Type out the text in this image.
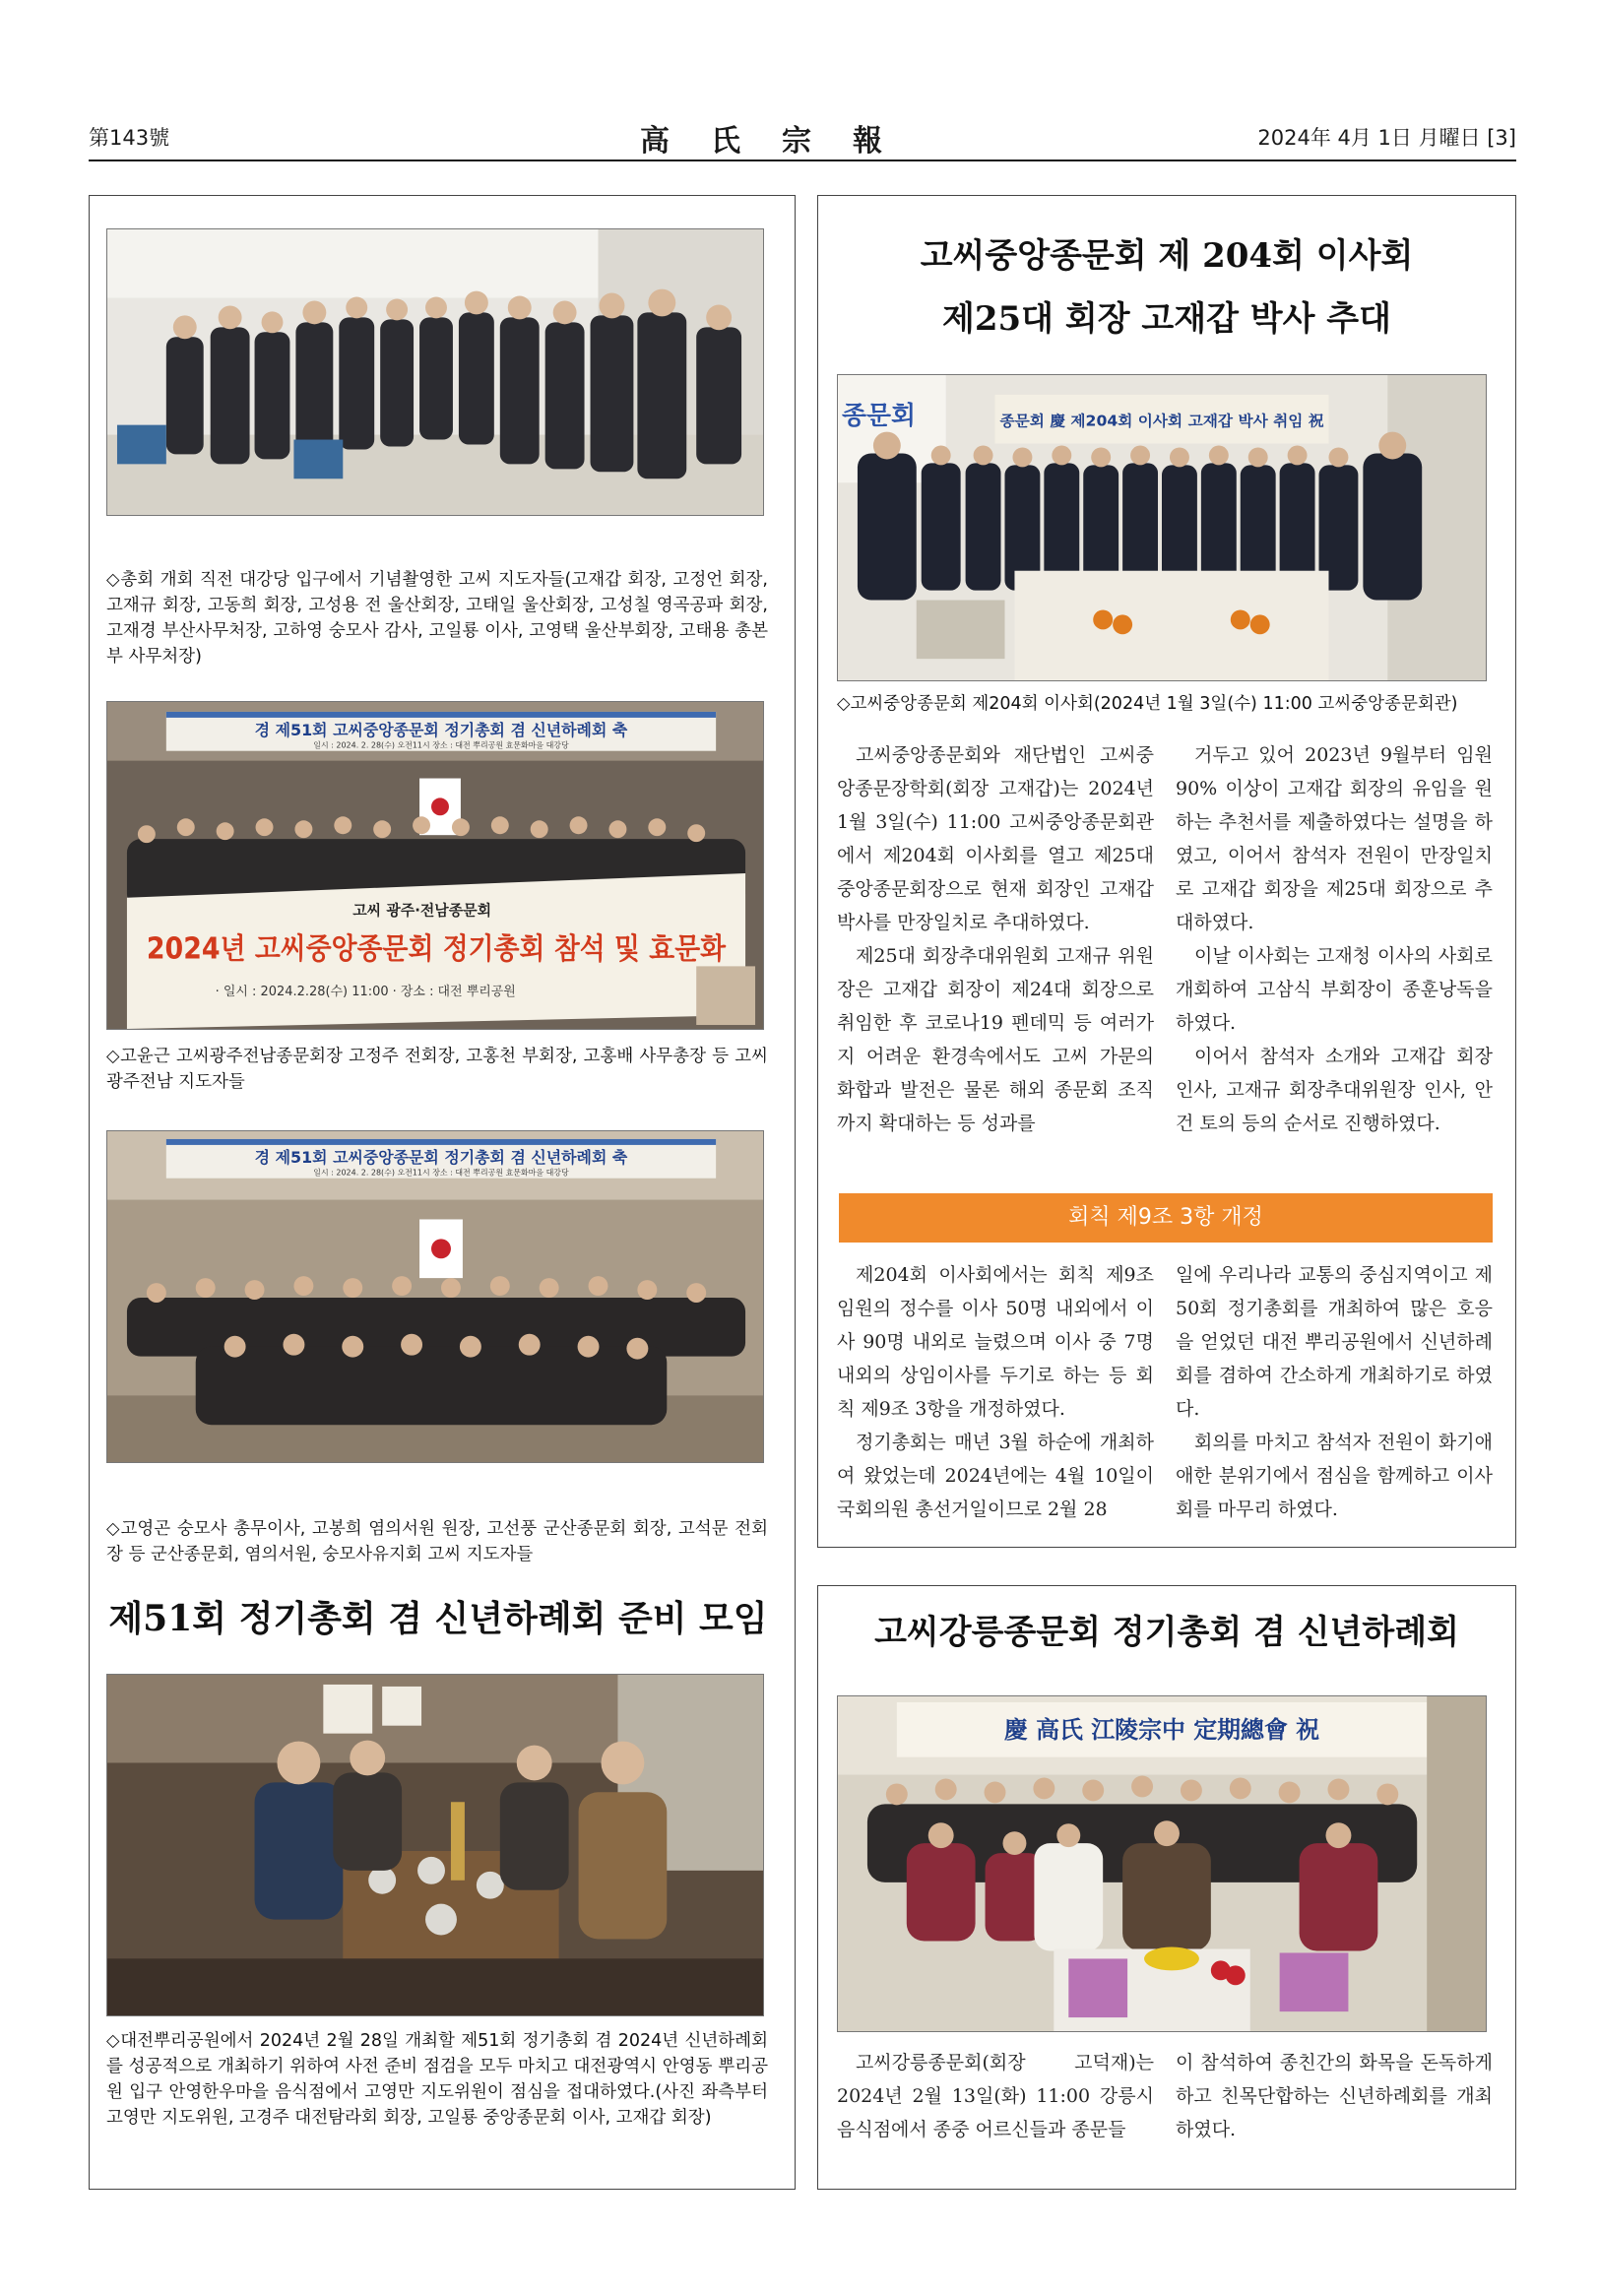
第143號	高氏宗報	2024年 4月 1日 月曜日 [3]
◇총회 개회 직전 대강당 입구에서 기념촬영한 고씨 지도자들(고재갑 회장, 고정언 회장, 고재규 회장, 고동희 회장, 고성용 전 울산회장, 고태일 울산회장, 고성칠 영곡공파 회장, 고재경 부산사무처장, 고하영 숭모사 감사, 고일룡 이사, 고영택 울산부회장, 고태용 총본부 사무처장)
경 제51회 고씨중앙종문회 정기총회 겸 신년하례회 축
일시 : 2024. 2. 28(수) 오전11시 장소 : 대전 뿌리공원 효문화마을 대강당
고씨 광주·전남종문회
2024년 고씨중앙종문회 정기총회 참석 및 효문화
· 일시 : 2024.2.28(수) 11:00 · 장소 : 대전 뿌리공원
◇고윤근 고씨광주전남종문회장 고정주 전회장, 고홍천 부회장, 고홍배 사무총장 등 고씨 광주전남 지도자들
경 제51회 고씨중앙종문회 정기총회 겸 신년하례회 축
일시 : 2024. 2. 28(수) 오전11시 장소 : 대전 뿌리공원 효문화마을 대강당
◇고영곤 숭모사 총무이사, 고봉희 염의서원 원장, 고선풍 군산종문회 회장, 고석문 전회장 등 군산종문회, 염의서원, 숭모사유지회 고씨 지도자들
제51회 정기총회 겸 신년하례회 준비 모임
◇대전뿌리공원에서 2024년 2월 28일 개최할 제51회 정기총회 겸 2024년 신년하례회를 성공적으로 개최하기 위하여 사전 준비 점검을 모두 마치고 대전광역시 안영동 뿌리공원 입구 안영한우마을 음식점에서 고영만 지도위원이 점심을 접대하였다.(사진 좌측부터 고영만 지도위원, 고경주 대전탐라회 회장, 고일룡 중앙종문회 이사, 고재갑 회장)
고씨중앙종문회 제 204회 이사회
제25대 회장 고재갑 박사 추대
종문회	종문회 慶 제204회 이사회 고재갑 박사 취임 祝
◇고씨중앙종문회 제204회 이사회(2024년 1월 3일(수) 11:00 고씨중앙종문회관)

고씨중앙종문회와 재단법인 고씨중앙종문장학회(회장 고재갑)는 2024년 1월 3일(수) 11:00 고씨중앙종문회관에서 제204회 이사회를 열고 제25대 중앙종문회장으로 현재 회장인 고재갑 박사를 만장일치로 추대하였다.

제25대 회장추대위원회 고재규 위원장은 고재갑 회장이 제24대 회장으로 취임한 후 코로나19 펜데믹 등 여러가지 어려운 환경속에서도 고씨 가문의 화합과 발전은 물론 해외 종문회 조직까지 확대하는 등 성과를

거두고 있어 2023년 9월부터 임원 90% 이상이 고재갑 회장의 유임을 원하는 추천서를 제출하였다는 설명을 하였고, 이어서 참석자 전원이 만장일치로 고재갑 회장을 제25대 회장으로 추대하였다.

이날 이사회는 고재청 이사의 사회로 개회하여 고삼식 부회장이 종훈낭독을 하였다.

이어서 참석자 소개와 고재갑 회장 인사, 고재규 회장추대위원장 인사, 안건 토의 등의 순서로 진행하였다.

회칙 제9조 3항 개정

제204회 이사회에서는 회칙 제9조 임원의 정수를 이사 50명 내외에서 이사 90명 내외로 늘렸으며 이사 중 7명 내외의 상임이사를 두기로 하는 등 회칙 제9조 3항을 개정하였다.

정기총회는 매년 3월 하순에 개최하여 왔었는데 2024년에는 4월 10일이 국회의원 총선거일이므로 2월 28

일에 우리나라 교통의 중심지역이고 제50회 정기총회를 개최하여 많은 호응을 얻었던 대전 뿌리공원에서 신년하례회를 겸하여 간소하게 개최하기로 하였다.

회의를 마치고 참석자 전원이 화기애애한 분위기에서 점심을 함께하고 이사회를 마무리 하였다.

고씨강릉종문회 정기총회 겸 신년하례회
慶 高氏 江陵宗中 定期總會 祝

고씨강릉종문회(회장 고덕재)는 2024년 2월 13일(화) 11:00 강릉시 음식점에서 종중 어르신들과 종문들

이 참석하여 종친간의 화목을 돈독하게 하고 친목단합하는 신년하례회를 개최하였다.
